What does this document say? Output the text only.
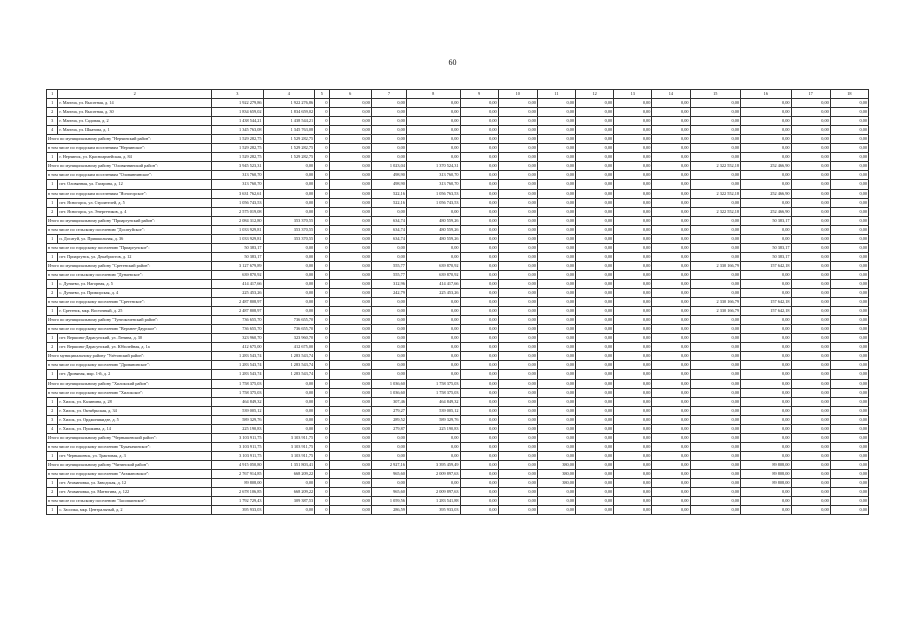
60
1	2	3	4	5	6	7	8	9	10	11	12	13	14	15	16	17	18
1	г. Магича, ул. Высотная, д. 14	1 922 279,86	1 922 276,86	0	0,00	0,00	0,00	0,00	0,00	0,00	0,00	0,00	0,00	0,00	0,00	0,00	0,00
2	г. Магича, ул. Высотная, д. 30	1 834 659,02	1 834 659,02	0	0,00	0,00	0,00	0,00	0,00	0,00	0,00	0,00	0,00	0,00	0,00	0,00	0,00
3	г. Магича, ул. Садовая, д. 2	1 438 544,21	1 438 544,21	0	0,00	0,00	0,00	0,00	0,00	0,00	0,00	0,00	0,00	0,00	0,00	0,00	0,00
4	г. Магича, ул. Шкатова, д. 1	1 345 763,08	1 345 763,08	0	0,00	0,00	0,00	0,00	0,00	0,00	0,00	0,00	0,00	0,00	0,00	0,00	0,00
Итого по муниципальному району "Нерчинский район":		1 529 282,75	1 529 282,75	0	0,00	0,00	0,00	0,00	0,00	0,00	0,00	0,00	0,00	0,00	0,00	0,00	0,00
в том числе по городским поселениям "Нерчинское":		1 529 282,75	1 529 282,75	0	0,00	0,00	0,00	0,00	0,00	0,00	0,00	0,00	0,00	0,00	0,00	0,00	0,00
1	г. Нерчинск, ул. Красноармейская, д. 84	1 529 282,75	1 529 282,75	0	0,00	0,00	0,00	0,00	0,00	0,00	0,00	0,00	0,00	0,00	0,00	0,00	0,00
Итого по муниципальному району "Оловяннинский район":		3 945 523,31	0,00	0	0,00	1 023,04	1 370 524,31	0,00	0,00	0,00	0,00	0,00	0,00	2 322 552,18	252 466,90	0,00	0,00
в том числе по городским поселениям "Оловяннинское":		313 760,70	0,00	0	0,00	498,90	313 760,70	0,00	0,00	0,00	0,00	0,00	0,00	0,00	0,00	0,00	0,00
1	пгт. Оловянная, ул. Гагарина, д. 12	313 760,70	0,00	0	0,00	498,90	313 760,70	0,00	0,00	0,00	0,00	0,00	0,00	0,00	0,00	0,00	0,00
в том числе по городским поселениям "Ясногорское":		3 631 762,61	0,00	0	0,00	522,16	1 056 763,53	0,00	0,00	0,00	0,00	0,00	0,00	2 322 552,18	252 466,90	0,00	0,00
1	пгт. Ясногорск, ул. Строителей, д. 5	1 056 743,53	0,00	0	0,00	522,16	1 056 743,53	0,00	0,00	0,00	0,00	0,00	0,00	0,00	0,00	0,00	0,00
2	пгт. Ясногорск, ул. Энергетиков, д. 4	2 575 019,08	0,00	0	0,00	0,00	0,00	0,00	0,00	0,00	0,00	0,00	0,00	2 322 552,18	252 466,90	0,00	0,00
Итого по муниципальному району "Приаргунский район":		2 084 312,80	353 370,55	0	0,00	634,74	480 559,26	0,00	0,00	0,00	0,00	0,00	0,00	0,00	50 383,17	0,00	0,00
в том числе по сельскому поселению "Досатуйское":		1 033 929,81	353 370,55	0	0,00	634,74	480 559,26	0,00	0,00	0,00	0,00	0,00	0,00	0,00	0,00	0,00	0,00
1	п. Досатуй, ул. Пришкольная, д. 36	1 033 929,81	353 370,55	0	0,00	634,74	480 559,26	0,00	0,00	0,00	0,00	0,00	0,00	0,00	0,00	0,00	0,00
в том числе по городскому поселению "Приаргунское":		50 383,17	0,00	0	0,00	0,00	0,00	0,00	0,00	0,00	0,00	0,00	0,00	0,00	50 383,17	0,00	0,00
1	пгт. Приаргунск, ул. Декабристов, д. 12	50 383,17	0,00	0	0,00	0,00	0,00	0,00	0,00	0,00	0,00	0,00	0,00	0,00	50 383,17	0,00	0,00
Итого по муниципальному району "Сретенский район":		3 127 679,89	0,00	0	0,00	555,77	639 870,92	0,00	0,00	0,00	0,00	0,00	0,00	2 330 166,79	157 642,18	0,00	0,00
в том числе по сельскому поселению "Дунаевское":		639 870,92	0,00	0	0,00	555,77	639 870,92	0,00	0,00	0,00	0,00	0,00	0,00	0,00	0,00	0,00	0,00
1	с. Дунаево, ул. Нагорная, д. 5	414 417,66	0,00	0	0,00	312,96	414 417,66	0,00	0,00	0,00	0,00	0,00	0,00	0,00	0,00	0,00	0,00
2	с. Дунаево, ул. Приморская, д. 4	225 453,26	0,00	0	0,00	242,79	225 453,26	0,00	0,00	0,00	0,00	0,00	0,00	0,00	0,00	0,00	0,00
в том числе по городскому поселению "Сретенское":		2 487 808,97	0,00	0	0,00	0,00	0,00	0,00	0,00	0,00	0,00	0,00	0,00	2 330 166,79	157 642,18	0,00	0,00
1	г. Сретенск, мкр. Восточный, д. 25	2 487 808,97	0,00	0	0,00	0,00	0,00	0,00	0,00	0,00	0,00	0,00	0,00	2 330 166,79	157 642,18	0,00	0,00
Итого по муниципальному району "Тунгокоченский район":		736 655,70	736 655,70	0	0,00	0,00	0,00	0,00	0,00	0,00	0,00	0,00	0,00	0,00	0,00	0,00	0,00
в том числе по городскому поселению "Верхнее-Даурское":		736 655,70	736 655,70	0	0,00	0,00	0,00	0,00	0,00	0,00	0,00	0,00	0,00	0,00	0,00	0,00	0,00
1	пгт. Вершино-Дарасунский, ул. Ленина, д. 30	323 960,70	323 960,70	0	0,00	0,00	0,00	0,00	0,00	0,00	0,00	0,00	0,00	0,00	0,00	0,00	0,00
2	пгт. Вершино-Дарасунский, ул. Юбилейная, д. 1а	412 675,00	412 675,00	0	0,00	0,00	0,00	0,00	0,00	0,00	0,00	0,00	0,00	0,00	0,00	0,00	0,00
Итого муниципальному району "Улётовский район":		1 283 543,74	1 283 543,74	0	0,00	0,00	0,00	0,00	0,00	0,00	0,00	0,00	0,00	0,00	0,00	0,00	0,00
в том числе по городскому поселению "Дровянинское":		1 283 543,74	1 283 543,74	0	0,00	0,00	0,00	0,00	0,00	0,00	0,00	0,00	0,00	0,00	0,00	0,00	0,00
1	пгт. Дровяная, мкр. 1-й, д. 2	1 283 543,74	1 283 543,74	0	0,00	0,00	0,00	0,00	0,00	0,00	0,00	0,00	0,00	0,00	0,00	0,00	0,00
Итого по муниципальному району "Хилокский район":		1 758 375,03	0,00	0	0,00	1 036,60	1 758 375,03	0,00	0,00	0,00	0,00	0,00	0,00	0,00	0,00	0,00	0,00
в том числе по городскому поселению "Хилокское":		1 758 375,03	0,00	0	0,00	1 036,60	1 758 375,03	0,00	0,00	0,00	0,00	0,00	0,00	0,00	0,00	0,00	0,00
1	г. Хилок, ул. Калинина, д. 28	464 849,32	0,00	0	0,00	307,46	464 849,32	0,00	0,00	0,00	0,00	0,00	0,00	0,00	0,00	0,00	0,00
2	г. Хилок, ул. Октябрьская, д. 34	539 005,12	0,00	0	0,00	279,27	539 005,12	0,00	0,00	0,00	0,00	0,00	0,00	0,00	0,00	0,00	0,00
3	г. Хилок, ул. Орджоникидзе, д. 5	589 329,76	0,00	0	0,00	289,52	589 329,76	0,00	0,00	0,00	0,00	0,00	0,00	0,00	0,00	0,00	0,00
4	г. Хилок, ул. Пушкина, д. 14	225 190,83	0,00	0	0,00	279,87	225 190,83	0,00	0,00	0,00	0,00	0,00	0,00	0,00	0,00	0,00	0,00
Итого по муниципальному району "Чернышевский район":		3 103 911,75	3 103 911,75	0	0,00	0,00	0,00	0,00	0,00	0,00	0,00	0,00	0,00	0,00	0,00	0,00	0,00
в том числе по городскому поселению "Букачачинское":		3 103 911,75	3 103 911,75	0	0,00	0,00	0,00	0,00	0,00	0,00	0,00	0,00	0,00	0,00	0,00	0,00	0,00
1	пгт. Чернышевск, ул. Трактовая, д. 3	3 103 911,75	3 103 911,75	0	0,00	0,00	0,00	0,00	0,00	0,00	0,00	0,00	0,00	0,00	0,00	0,00	0,00
Итого по муниципальному району "Читинский район":		4 915 050,80	1 351 803,41	0	0,00	2 927,16	3 395 459,49	0,00	0,00	380,00	0,00	0,00	0,00	0,00	89 808,00	0,00	0,00
в том числе по городскому поселению "Атамановское":		2 767 914,85	668 209,22	0	0,00	965,60	2 009 897,63	0,00	0,00	380,00	0,00	0,00	0,00	0,00	89 808,00	0,00	0,00
1	пгт. Атамановка, ул. Заводская, д. 12	89 808,00	0,00	0	0,00	0,00	0,00	0,00	0,00	380,00	0,00	0,00	0,00	0,00	89 808,00	0,00	0,00
2	пгт. Атамановка, ул. Матюгина, д. 122	2 678 106,85	668 209,22	0	0,00	965,60	2 009 897,63	0,00	0,00	0,00	0,00	0,00	0,00	0,00	0,00	0,00	0,00
в том числе по сельскому поселению "Засопкинское":		1 792 729,43	309 387,53	0	0,00	1 059,56	1 283 541,88	0,00	0,00	0,00	0,00	0,00	0,00	0,00	0,00	0,00	0,00
1	с. Засопка, мкр. Центральный, д. 2	395 933,03	0,00	0	0,00	286,59	395 933,03	0,00	0,00	0,00	0,00	0,00	0,00	0,00	0,00	0,00	0,00
